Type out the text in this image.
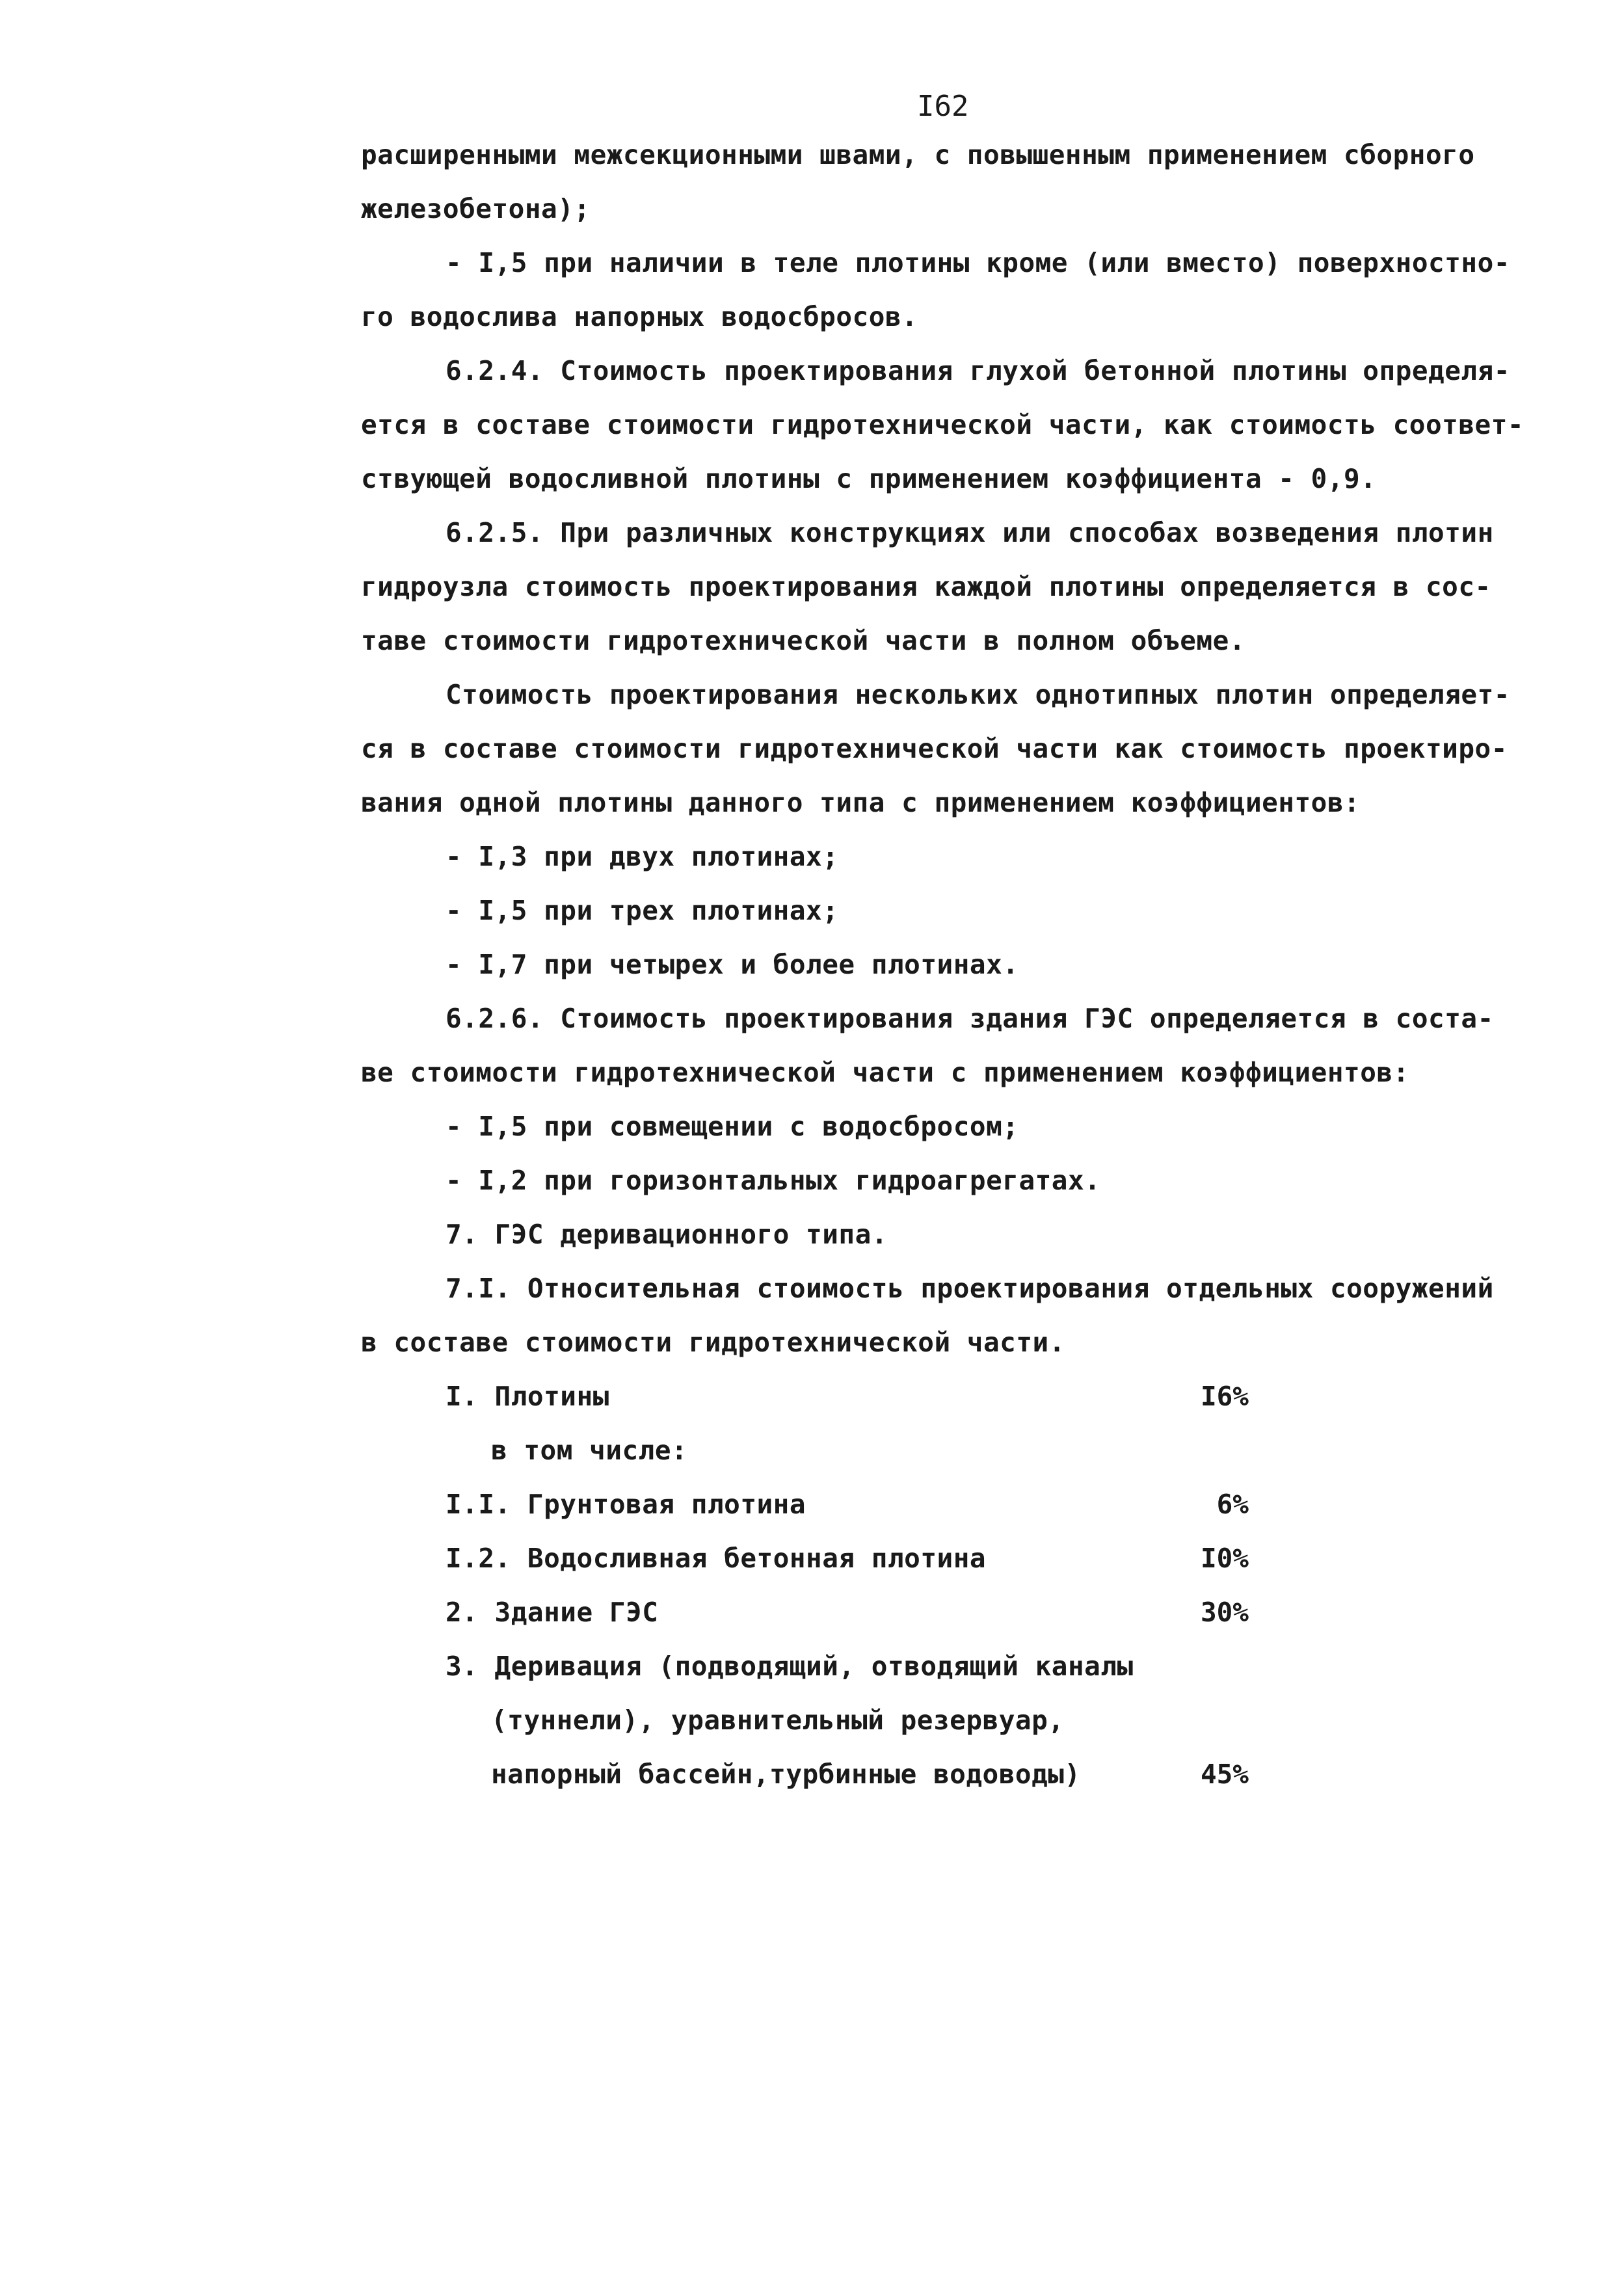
I62
расширенными межсекционными швами, с повышенным применением сборного
железобетона);
- I,5 при наличии в теле плотины кроме (или вместо) поверхностно-
го водослива напорных водосбросов.
6.2.4. Стоимость проектирования глухой бетонной плотины определя-
ется в составе стоимости гидротехнической части, как стоимость соответ-
ствующей водосливной плотины с применением коэффициента - 0,9.
6.2.5. При различных конструкциях или способах возведения плотин
гидроузла стоимость проектирования каждой плотины определяется в сос-
таве стоимости гидротехнической части в полном объеме.
Стоимость проектирования нескольких однотипных плотин определяет-
ся в составе стоимости гидротехнической части как стоимость проектиро-
вания одной плотины данного типа с применением коэффициентов:
- I,3 при двух плотинах;
- I,5 при трех плотинах;
- I,7 при четырех и более плотинах.
6.2.6. Стоимость проектирования здания ГЭС определяется в соста-
ве стоимости гидротехнической части с применением коэффициентов:
- I,5 при совмещении с водосбросом;
- I,2 при горизонтальных гидроагрегатах.
7. ГЭС деривационного типа.
7.I. Относительная стоимость проектирования отдельных сооружений
в составе стоимости гидротехнической части.
I. Плотины	I6%
в том числе:
I.I. Грунтовая плотина	6%
I.2. Водосливная бетонная плотина	I0%
2. Здание ГЭС	30%
3. Деривация (подводящий, отводящий каналы
(туннели), уравнительный резервуар,
напорный бассейн,турбинные водоводы)	45%
